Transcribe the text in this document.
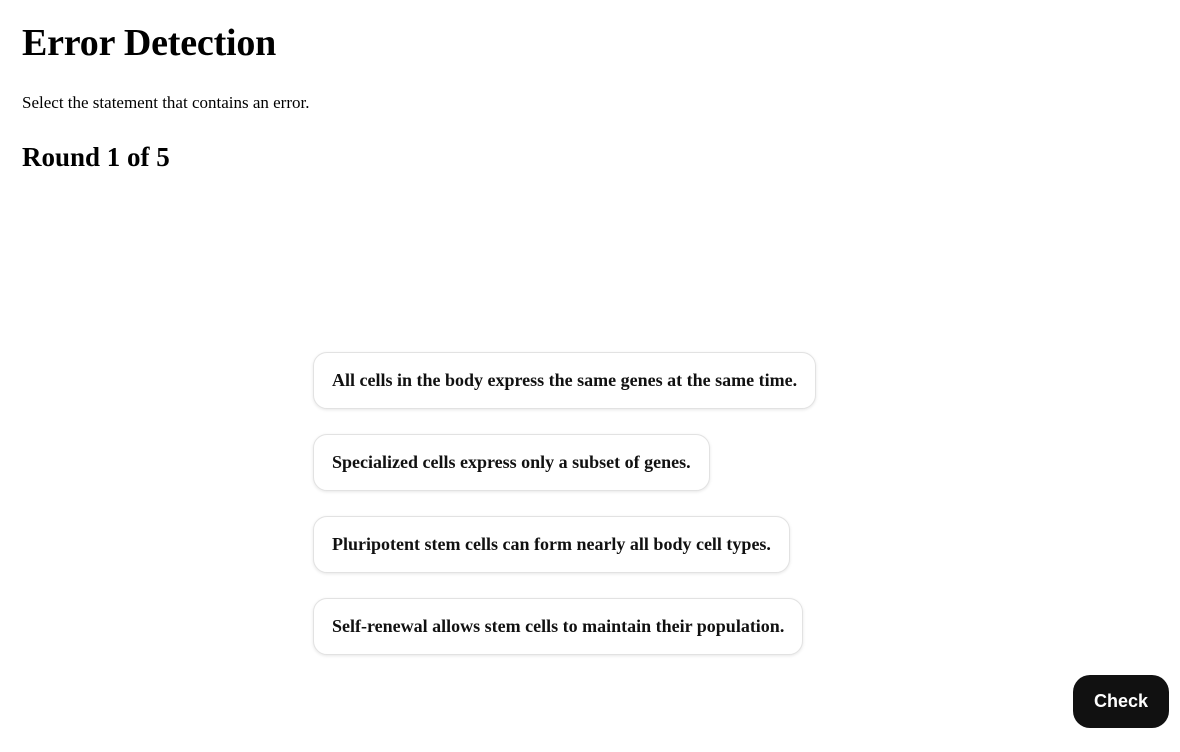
Error Detection

Select the statement that contains an error.

Round 1 of 5
All cells in the body express the same genes at the same time.
Specialized cells express only a subset of genes.
Pluripotent stem cells can form nearly all body cell types.
Self-renewal allows stem cells to maintain their population.
Check
